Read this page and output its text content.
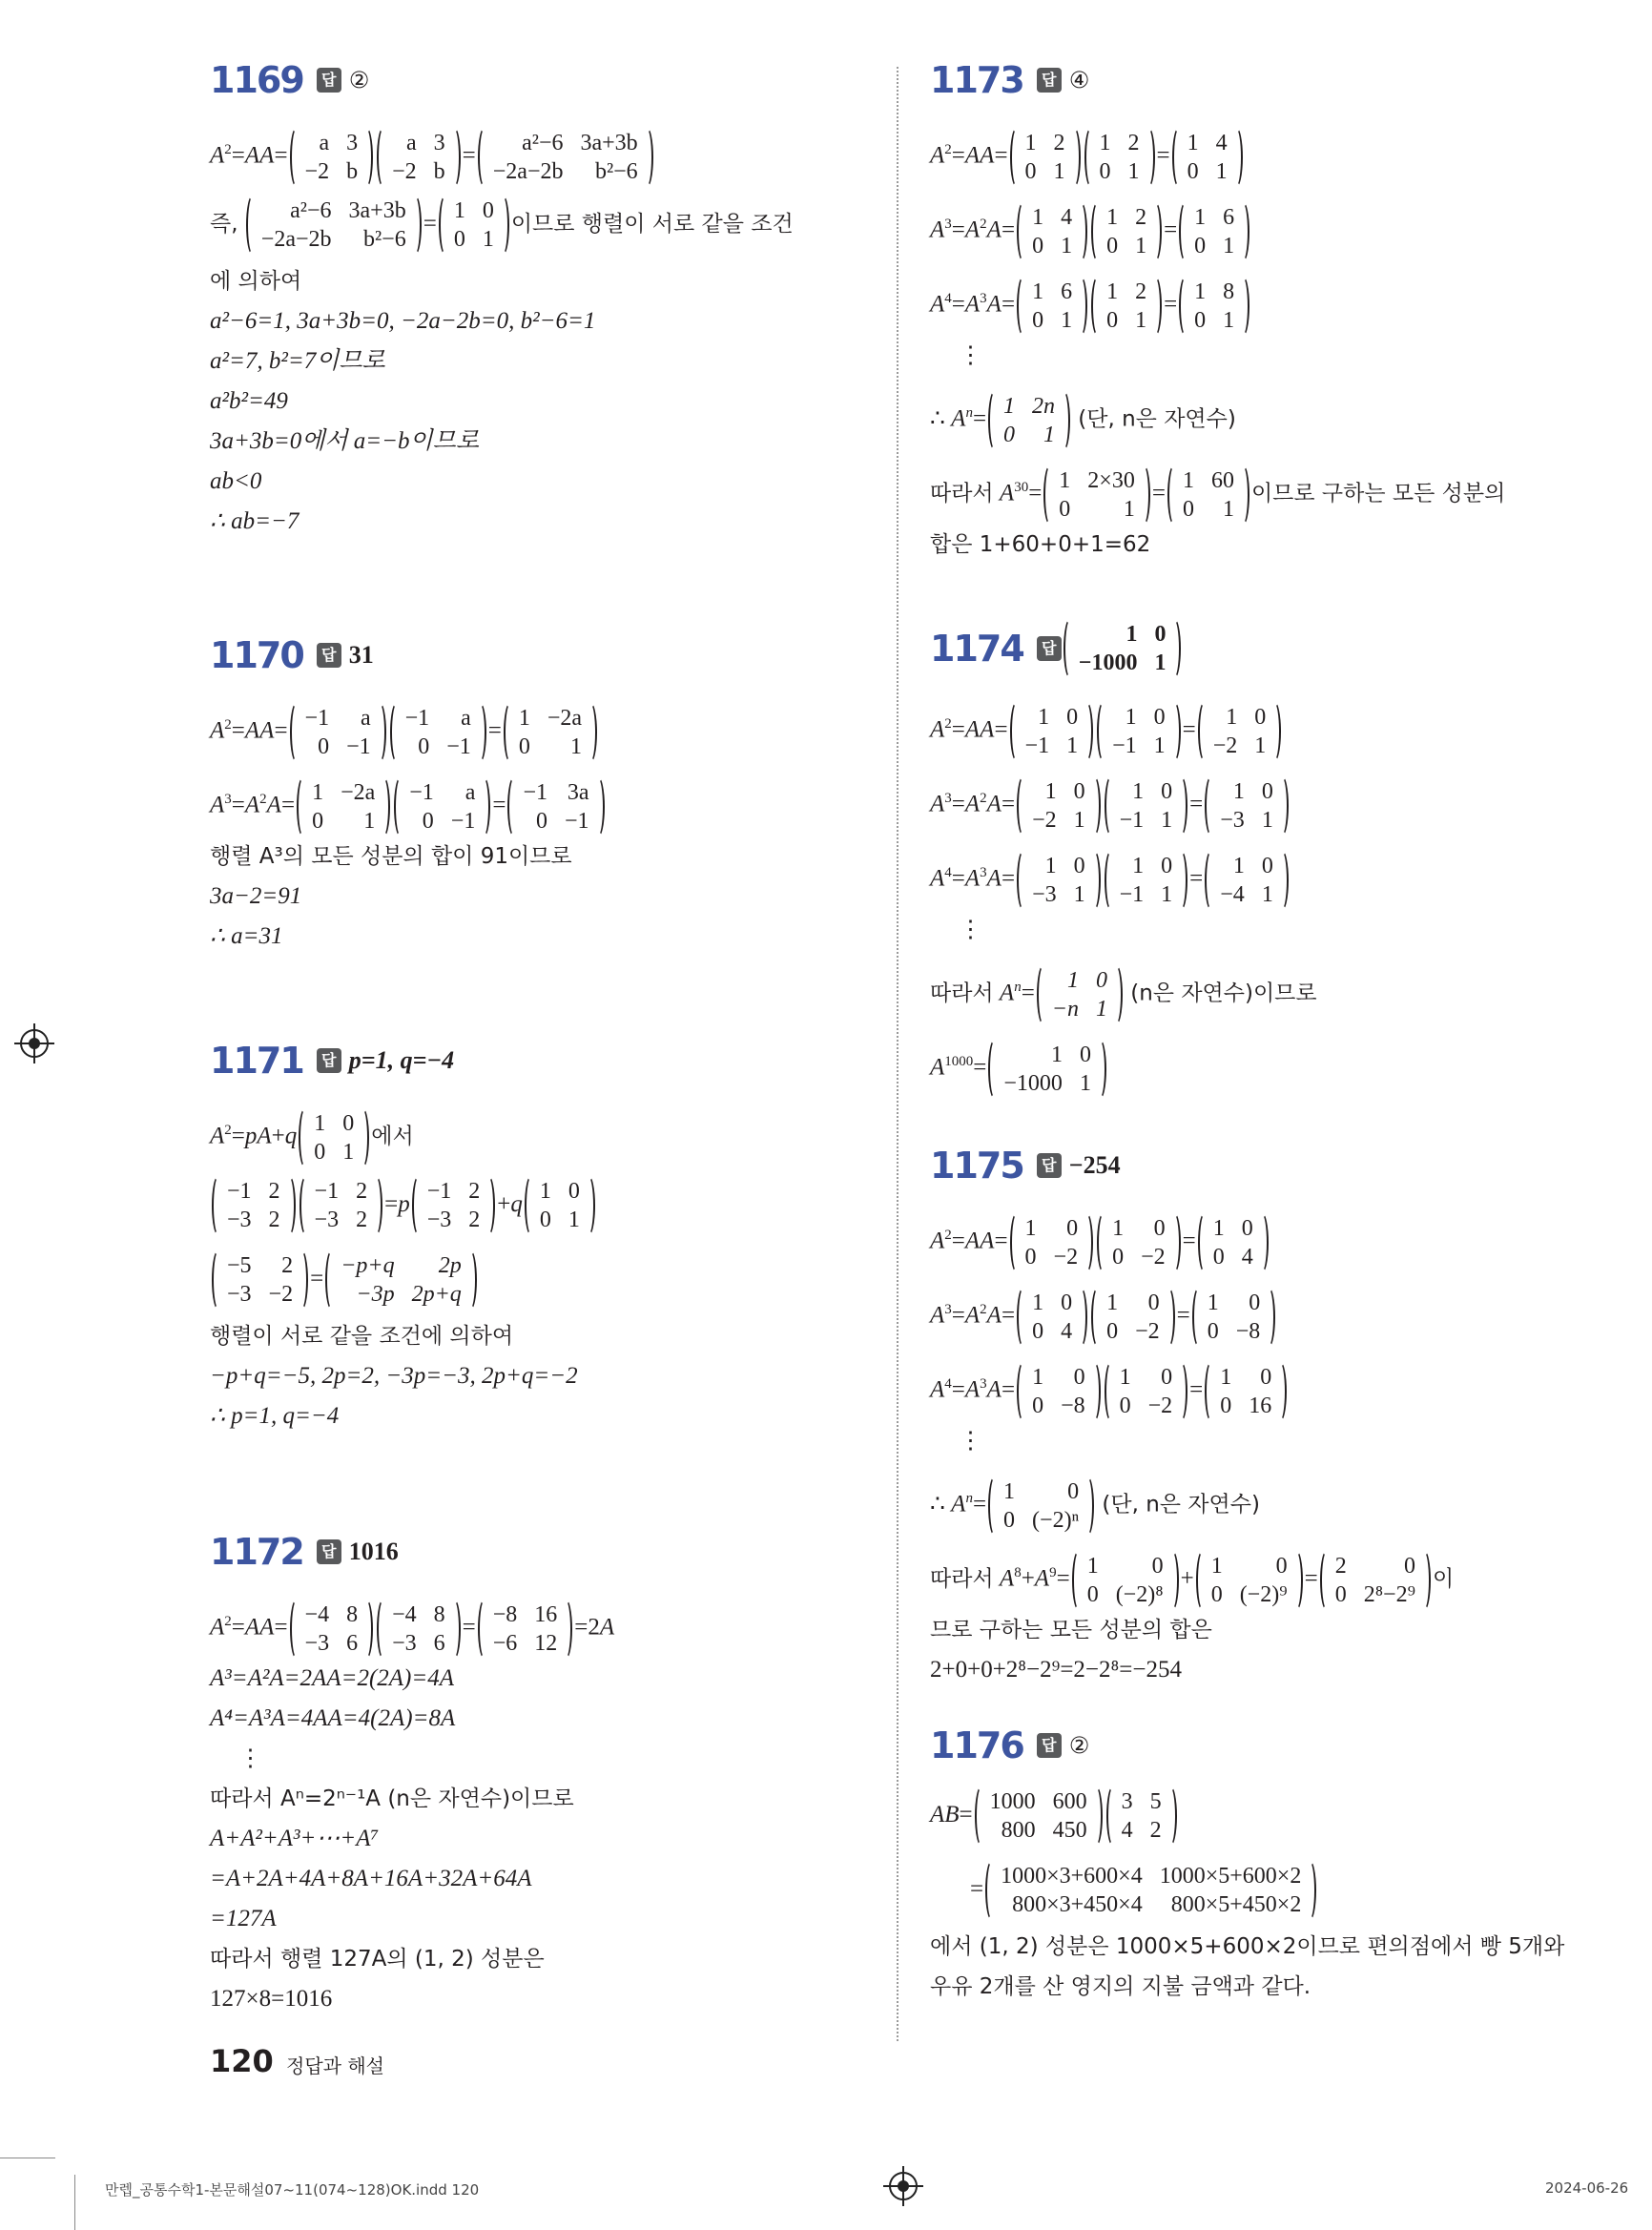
1169 답 ②
$A^2=AA=$	a 3
−2 b
a 3
−2 b
=	a²−6 3a+3b
−2a−2b	b²−6
즉,
a²−6 3a+3b
−2a−2b	b²−6
= 1 0
0 1
이므로 행렬이 서로 같을 조건
에 의하여
a²−6=1, 3a+3b=0, −2a−2b=0, b²−6=1
a²=7, b²=7이므로
a²b²=49
3a+3b=0에서 a=−b이므로
ab<0
∴ ab=−7
1170 답 31
$A^2=AA= -1$	a
0 −1
−1	a
0 −1
= 1 −2a
0	1
$A^3=A^2A= 1 -2a$
0	1
−1	a
0 −1
= −1 3a
0 −1
행렬 A³의 모든 성분의 합이 91이므로
3a−2=91
∴ a=31
1171 답 p=1, q=−4
$A^2=pA+q$ 1 0
0 1
에서
−1 2
−3 2
−1 2
−3 2
=p −1 2
−3 2
+q 1 0
0 1
−5	2
−3 −2
= −p+q	2p
−3p 2p+q
행렬이 서로 같을 조건에 의하여
−p+q=−5, 2p=2, −3p=−3, 2p+q=−2
∴ p=1, q=−4
1172 답 1016
$A^2=AA= -4$ 8
−3 6
−4 8
−3 6
= −8 16
−6 12
=2A
A³=A²A=2AA=2(2A)=4A
A⁴=A³A=4AA=4(2A)=8A
⋮
따라서 Aⁿ=2ⁿ⁻¹A (n은 자연수)이므로
A+A²+A³+⋯+A⁷
=A+2A+4A+8A+16A+32A+64A
=127A
따라서 행렬 127A의 (1, 2) 성분은
127×8=1016
1173 답 ④
$A^2=AA= 1$ 2
0 1
1 2
0 1
= 1 4
0 1
$A^3=A^2A= 1$ 4
0 1
1 2
0 1
= 1 6
0 1
$A^4=A^3A= 1$ 6
0 1
1 2
0 1
= 1 8
0 1
⋮
∴ $A^n= 1$ 2n
0	1
(단, n은 자연수)
따라서 $A^{30}= 1$ 2×30
0	1
= 1 60
0	1
이므로 구하는 모든 성분의
합은 1+60+0+1=62
1174 답
1 0
−1000 1
$A^2=AA=$	1 0
−1 1
1 0
−1 1
=	1 0
−2 1
$A^3=A^2A=$	1 0
−2 1
1 0
−1 1
=	1 0
−3 1
$A^4=A^3A=$	1 0
−3 1
1 0
−1 1
=	1 0
−4 1
⋮
따라서 $A^n=$	1 0
−n 1
(n은 자연수)이므로
$A^{1000}=$	1 0
−1000 1
1175 답 −254
$A^2=AA= 1$	0
0 −2
1	0
0 −2
= 1 0
0 4
$A^3=A^2A= 1$ 0
0 4
1	0
0 −2
= 1	0
0 −8
$A^4=A^3A= 1$	0
0 −8
1	0
0 −2
= 1	0
0 16
⋮
∴ $A^n= 1$	0
0 (−2)ⁿ
(단, n은 자연수)
따라서 $A^8+A^9= 1$	0
0 (−2)⁸
+ 1	0
0 (−2)⁹
= 2	0
0 2⁸−2⁹
이
므로 구하는 모든 성분의 합은
2+0+0+2⁸−2⁹=2−2⁸=−254
1176 답 ②
AB= 1000 600
800 450
3 5
4 2
= 1000×3+600×4 1000×5+600×2
800×3+450×4	800×5+450×2
에서 (1, 2) 성분은 1000×5+600×2이므로 편의점에서 빵 5개와
우유 2개를 산 영지의 지불 금액과 같다.
120 정답과 해설
만렙_공통수학1-본문해설07~11(074~128)OK.indd 120	2024-06-26
